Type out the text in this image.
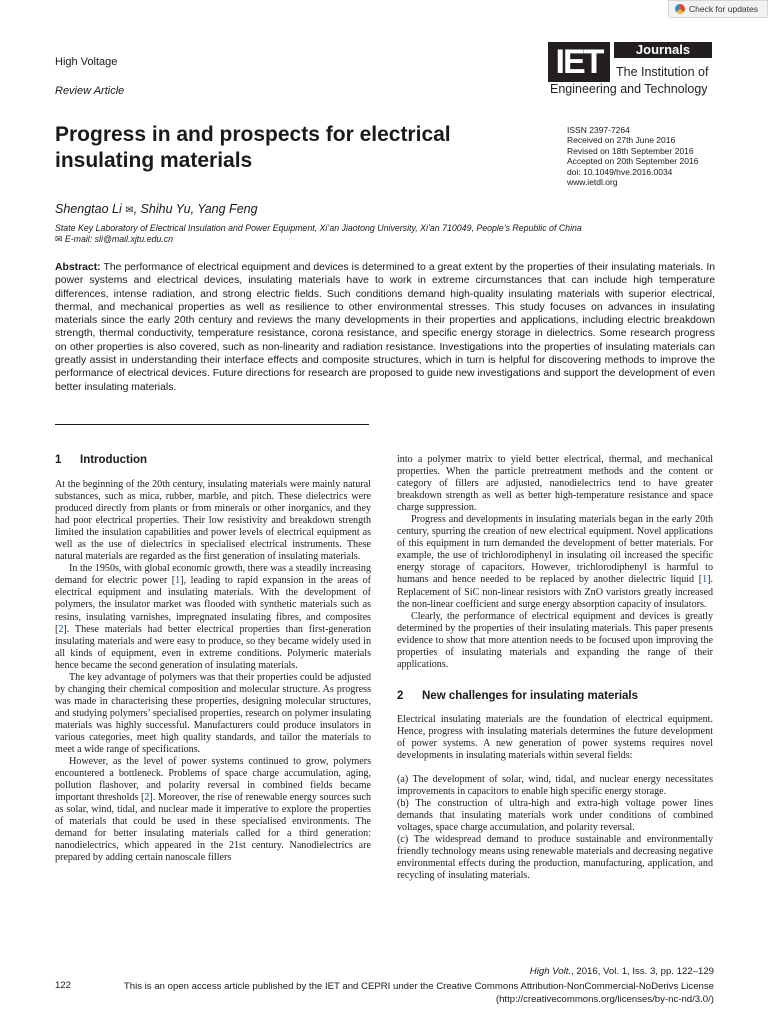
Check for updates
High Voltage
Review Article
IET	Journals
The Institution of
Engineering and Technology
Progress in and prospects for electrical insulating materials
ISSN 2397-7264
Received on 27th June 2016
Revised on 18th September 2016
Accepted on 20th September 2016
doi: 10.1049/hve.2016.0034
www.ietdl.org
Shengtao Li ✉, Shihu Yu, Yang Feng
State Key Laboratory of Electrical Insulation and Power Equipment, Xi’an Jiaotong University, Xi’an 710049, People’s Republic of China
✉ E-mail: sli@mail.xjtu.edu.cn

Abstract: The performance of electrical equipment and devices is determined to a great extent by the properties of their insulating materials. In power systems and electrical devices, insulating materials have to work in extreme circumstances that can include high temperature differences, intense radiation, and strong electric fields. Such conditions demand high-quality insulating materials with superior electrical, thermal, and mechanical properties as well as resilience to other environmental stresses. This study focuses on advances in insulating materials since the early 20th century and reviews the many developments in their properties and applications, including electric breakdown strength, thermal conductivity, temperature resistance, corona resistance, and specific energy storage in dielectrics. Some research progress on other properties is also covered, such as non-linearity and radiation resistance. Investigations into the properties of insulating materials can greatly assist in understanding their interface effects and composite structures, which in turn is helpful for discovering methods to improve the performance of electrical devices. Future directions for research are proposed to guide new investigations and support the development of even better insulating materials.

1 Introduction

At the beginning of the 20th century, insulating materials were mainly natural substances, such as mica, rubber, marble, and pitch. These dielectrics were produced directly from plants or from minerals or other inorganics, and they had poor electrical properties. Their low resistivity and breakdown strength limited the insulation capabilities and power levels of electrical equipment as well as the use of dielectrics in specialised electrical instruments. These natural materials are regarded as the first generation of insulating materials.

In the 1950s, with global economic growth, there was a steadily increasing demand for electric power [1], leading to rapid expansion in the areas of electrical equipment and insulating materials. With the development of polymers, the insulator market was flooded with synthetic materials such as resins, insulating varnishes, impregnated insulating fibres, and composites [2]. These materials had better electrical properties than first-generation insulating materials and were easy to produce, so they became widely used in all kinds of equipment, even in extreme conditions. Polymeric materials hence became the second generation of insulating materials.

The key advantage of polymers was that their properties could be adjusted by changing their chemical composition and molecular structure. As progress was made in characterising these properties, designing molecular structures, and studying polymers’ specialised properties, research on polymer insulating materials was highly successful. Manufacturers could produce insulators in various categories, meet high quality standards, and tailor the materials to meet a wide range of specifications.

However, as the level of power systems continued to grow, polymers encountered a bottleneck. Problems of space charge accumulation, aging, pollution flashover, and polarity reversal in combined fields became important thresholds [2]. Moreover, the rise of renewable energy sources such as solar, wind, tidal, and nuclear made it imperative to explore the properties of materials that could be used in these specialised environments. The demand for better insulating materials called for a third generation: nanodielectrics, which appeared in the 21st century. Nanodielectrics are prepared by adding certain nanoscale fillers

into a polymer matrix to yield better electrical, thermal, and mechanical properties. When the particle pretreatment methods and the content or category of fillers are adjusted, nanodielectrics tend to have greater breakdown strength as well as better high-temperature resistance and space charge suppression.

Progress and developments in insulating materials began in the early 20th century, spurring the creation of new electrical equipment. Novel applications of this equipment in turn demanded the development of better materials. For example, the use of trichlorodiphenyl in insulating oil increased the specific energy storage of capacitors. However, trichlorodiphenyl is harmful to humans and hence needed to be replaced by another dielectric liquid [1]. Replacement of SiC non-linear resistors with ZnO varistors greatly increased the non-linear coefficient and surge energy absorption capacity of insulators.

Clearly, the performance of electrical equipment and devices is greatly determined by the properties of their insulating materials. This paper presents evidence to show that more attention needs to be focused upon improving the properties of insulating materials and expanding the range of their applications.

2 New challenges for insulating materials

Electrical insulating materials are the foundation of electrical equipment. Hence, progress with insulating materials determines the future development of power systems. A new generation of power systems requires novel developments in insulating materials within several fields:

(a) The development of solar, wind, tidal, and nuclear energy necessitates improvements in capacitors to enable high specific energy storage.

(b) The construction of ultra-high and extra-high voltage power lines demands that insulating materials work under conditions of combined voltages, space charge accumulation, and polarity reversal.

(c) The widespread demand to produce sustainable and environmentally friendly technology means using renewable materials and decreasing negative environmental effects during the production, manufacturing, application, and recycling of insulating materials.

High Volt., 2016, Vol. 1, Iss. 3, pp. 122–129
122	This is an open access article published by the IET and CEPRI under the Creative Commons Attribution-NonCommercial-NoDerivs License (http://creativecommons.org/licenses/by-nc-nd/3.0/)
